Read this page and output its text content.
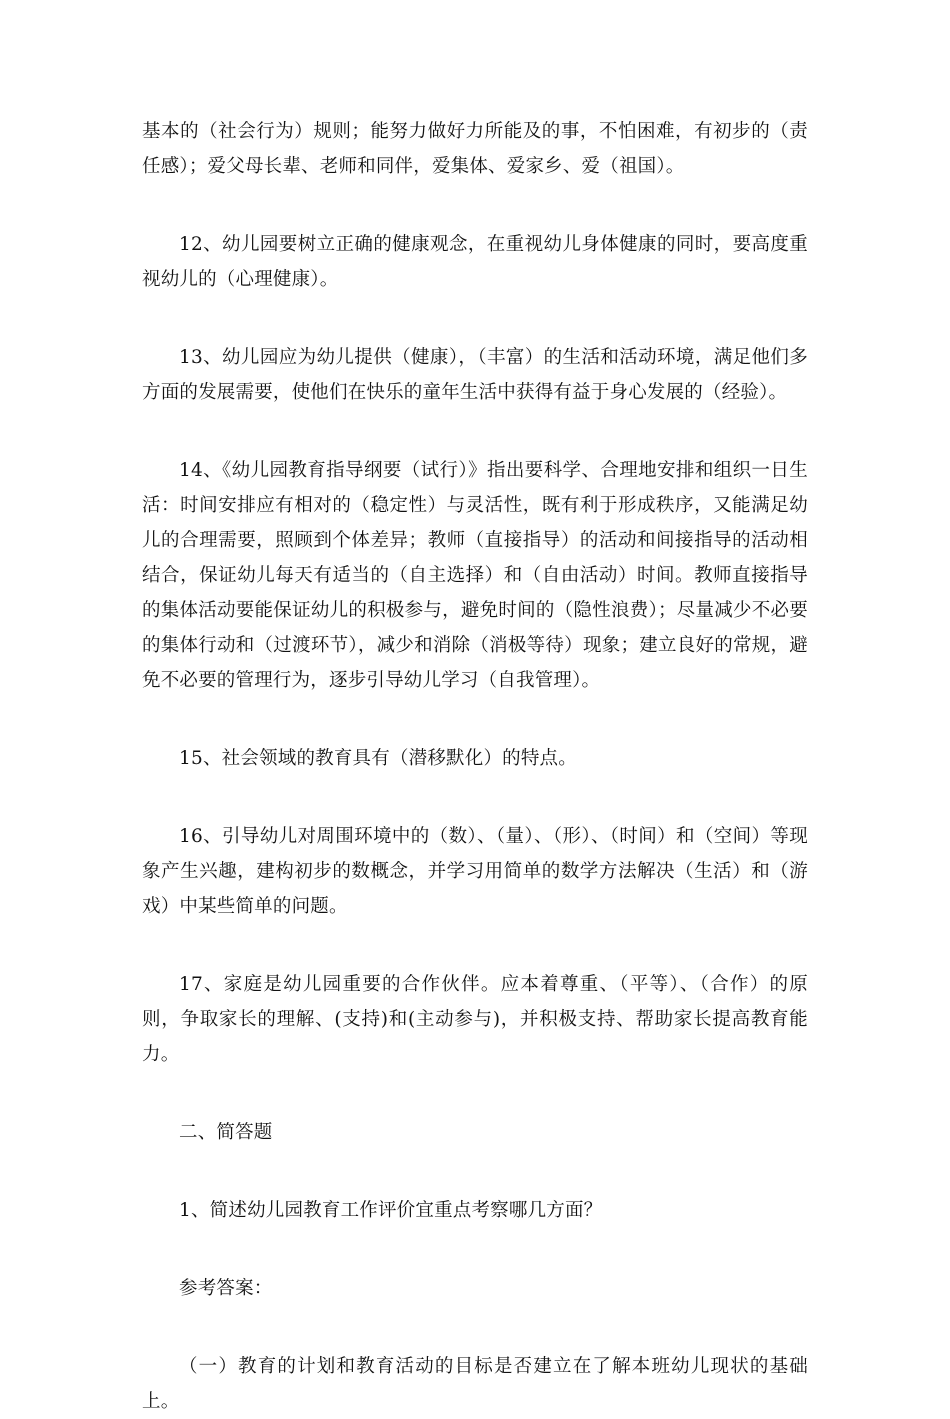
基本的（社会行为）规则；能努力做好力所能及的事，不怕困难，有初步的（责任感）；爱父母长辈、老师和同伴，爱集体、爱家乡、爱（祖国）。

12、幼儿园要树立正确的健康观念，在重视幼儿身体健康的同时，要高度重视幼儿的（心理健康）。

13、幼儿园应为幼儿提供（健康），（丰富）的生活和活动环境，满足他们多方面的发展需要，使他们在快乐的童年生活中获得有益于身心发展的（经验）。

14、《幼儿园教育指导纲要（试行）》指出要科学、合理地安排和组织一日生活：时间安排应有相对的（稳定性）与灵活性，既有利于形成秩序，又能满足幼儿的合理需要，照顾到个体差异；教师（直接指导）的活动和间接指导的活动相结合，保证幼儿每天有适当的（自主选择）和（自由活动）时间。教师直接指导的集体活动要能保证幼儿的积极参与，避免时间的（隐性浪费）；尽量减少不必要的集体行动和（过渡环节），减少和消除（消极等待）现象；建立良好的常规，避免不必要的管理行为，逐步引导幼儿学习（自我管理）。

15、社会领域的教育具有（潜移默化）的特点。

16、引导幼儿对周围环境中的（数）、（量）、（形）、（时间）和（空间）等现象产生兴趣，建构初步的数概念，并学习用简单的数学方法解决（生活）和（游戏）中某些简单的问题。

17、家庭是幼儿园重要的合作伙伴。应本着尊重、（平等）、（合作）的原则，争取家长的理解、(支持)和(主动参与)，并积极支持、帮助家长提高教育能力。

二、简答题

1、简述幼儿园教育工作评价宜重点考察哪几方面？

参考答案：

（一）教育的计划和教育活动的目标是否建立在了解本班幼儿现状的基础上。
